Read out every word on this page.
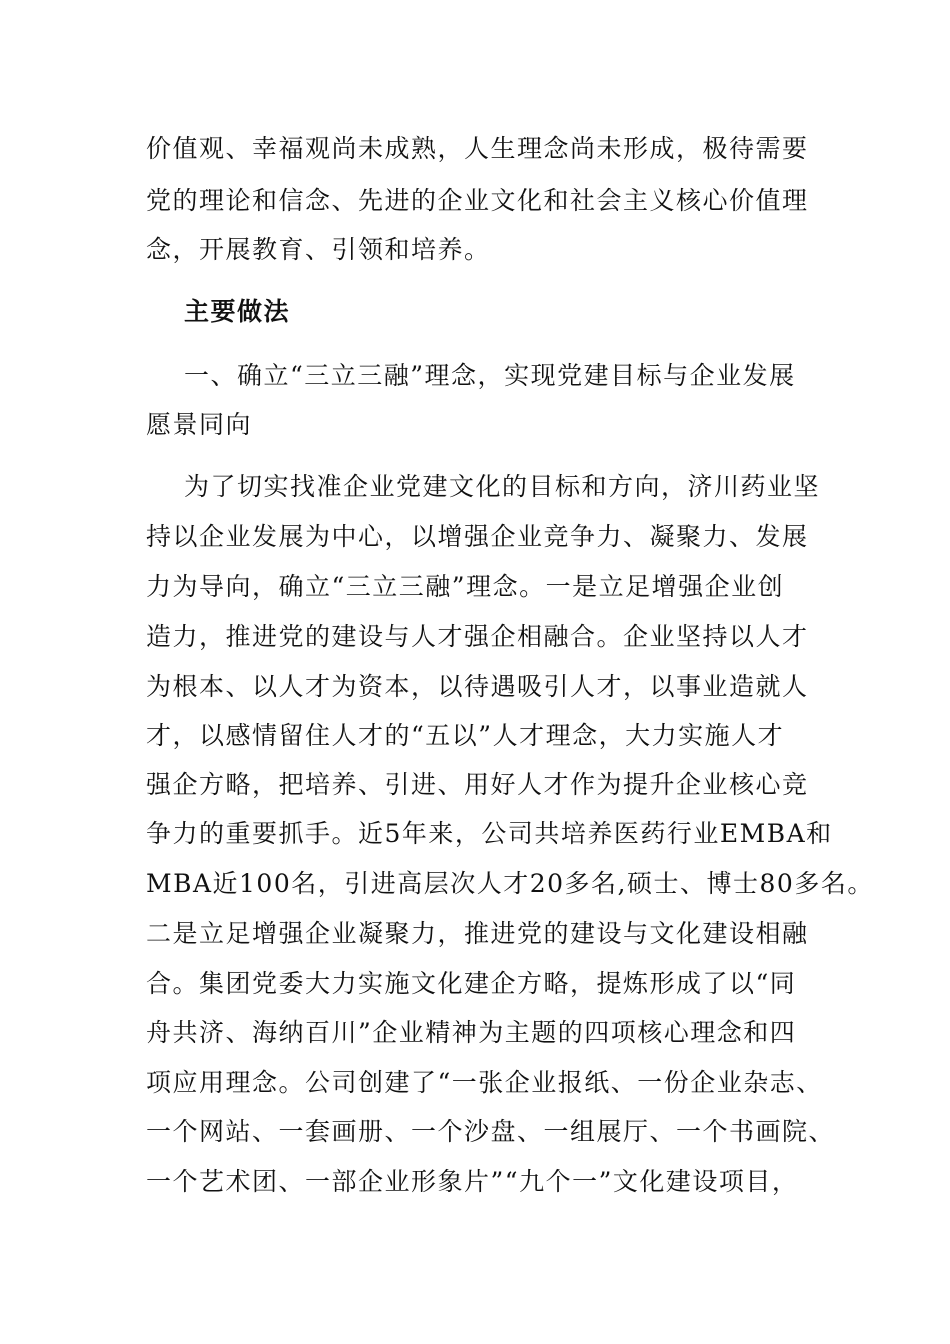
价值观、幸福观尚未成熟，人生理念尚未形成，极待需要
党的理论和信念、先进的企业文化和社会主义核心价值理
念，开展教育、引领和培养。
主要做法
一、确立“三立三融”理念，实现党建目标与企业发展
愿景同向
为了切实找准企业党建文化的目标和方向，济川药业坚
持以企业发展为中心，以增强企业竞争力、凝聚力、发展
力为导向，确立“三立三融”理念。一是立足增强企业创
造力，推进党的建设与人才强企相融合。企业坚持以人才
为根本、以人才为资本，以待遇吸引人才，以事业造就人
才，以感情留住人才的“五以”人才理念，大力实施人才
强企方略，把培养、引进、用好人才作为提升企业核心竞
争力的重要抓手。近5年来，公司共培养医药行业EMBA和
MBA近100名，引进高层次人才20多名,硕士、博士80多名。
二是立足增强企业凝聚力，推进党的建设与文化建设相融
合。集团党委大力实施文化建企方略，提炼形成了以“同
舟共济、海纳百川”企业精神为主题的四项核心理念和四
项应用理念。公司创建了“一张企业报纸、一份企业杂志、
一个网站、一套画册、一个沙盘、一组展厅、一个书画院、
一个艺术团、一部企业形象片”“九个一”文化建设项目，
